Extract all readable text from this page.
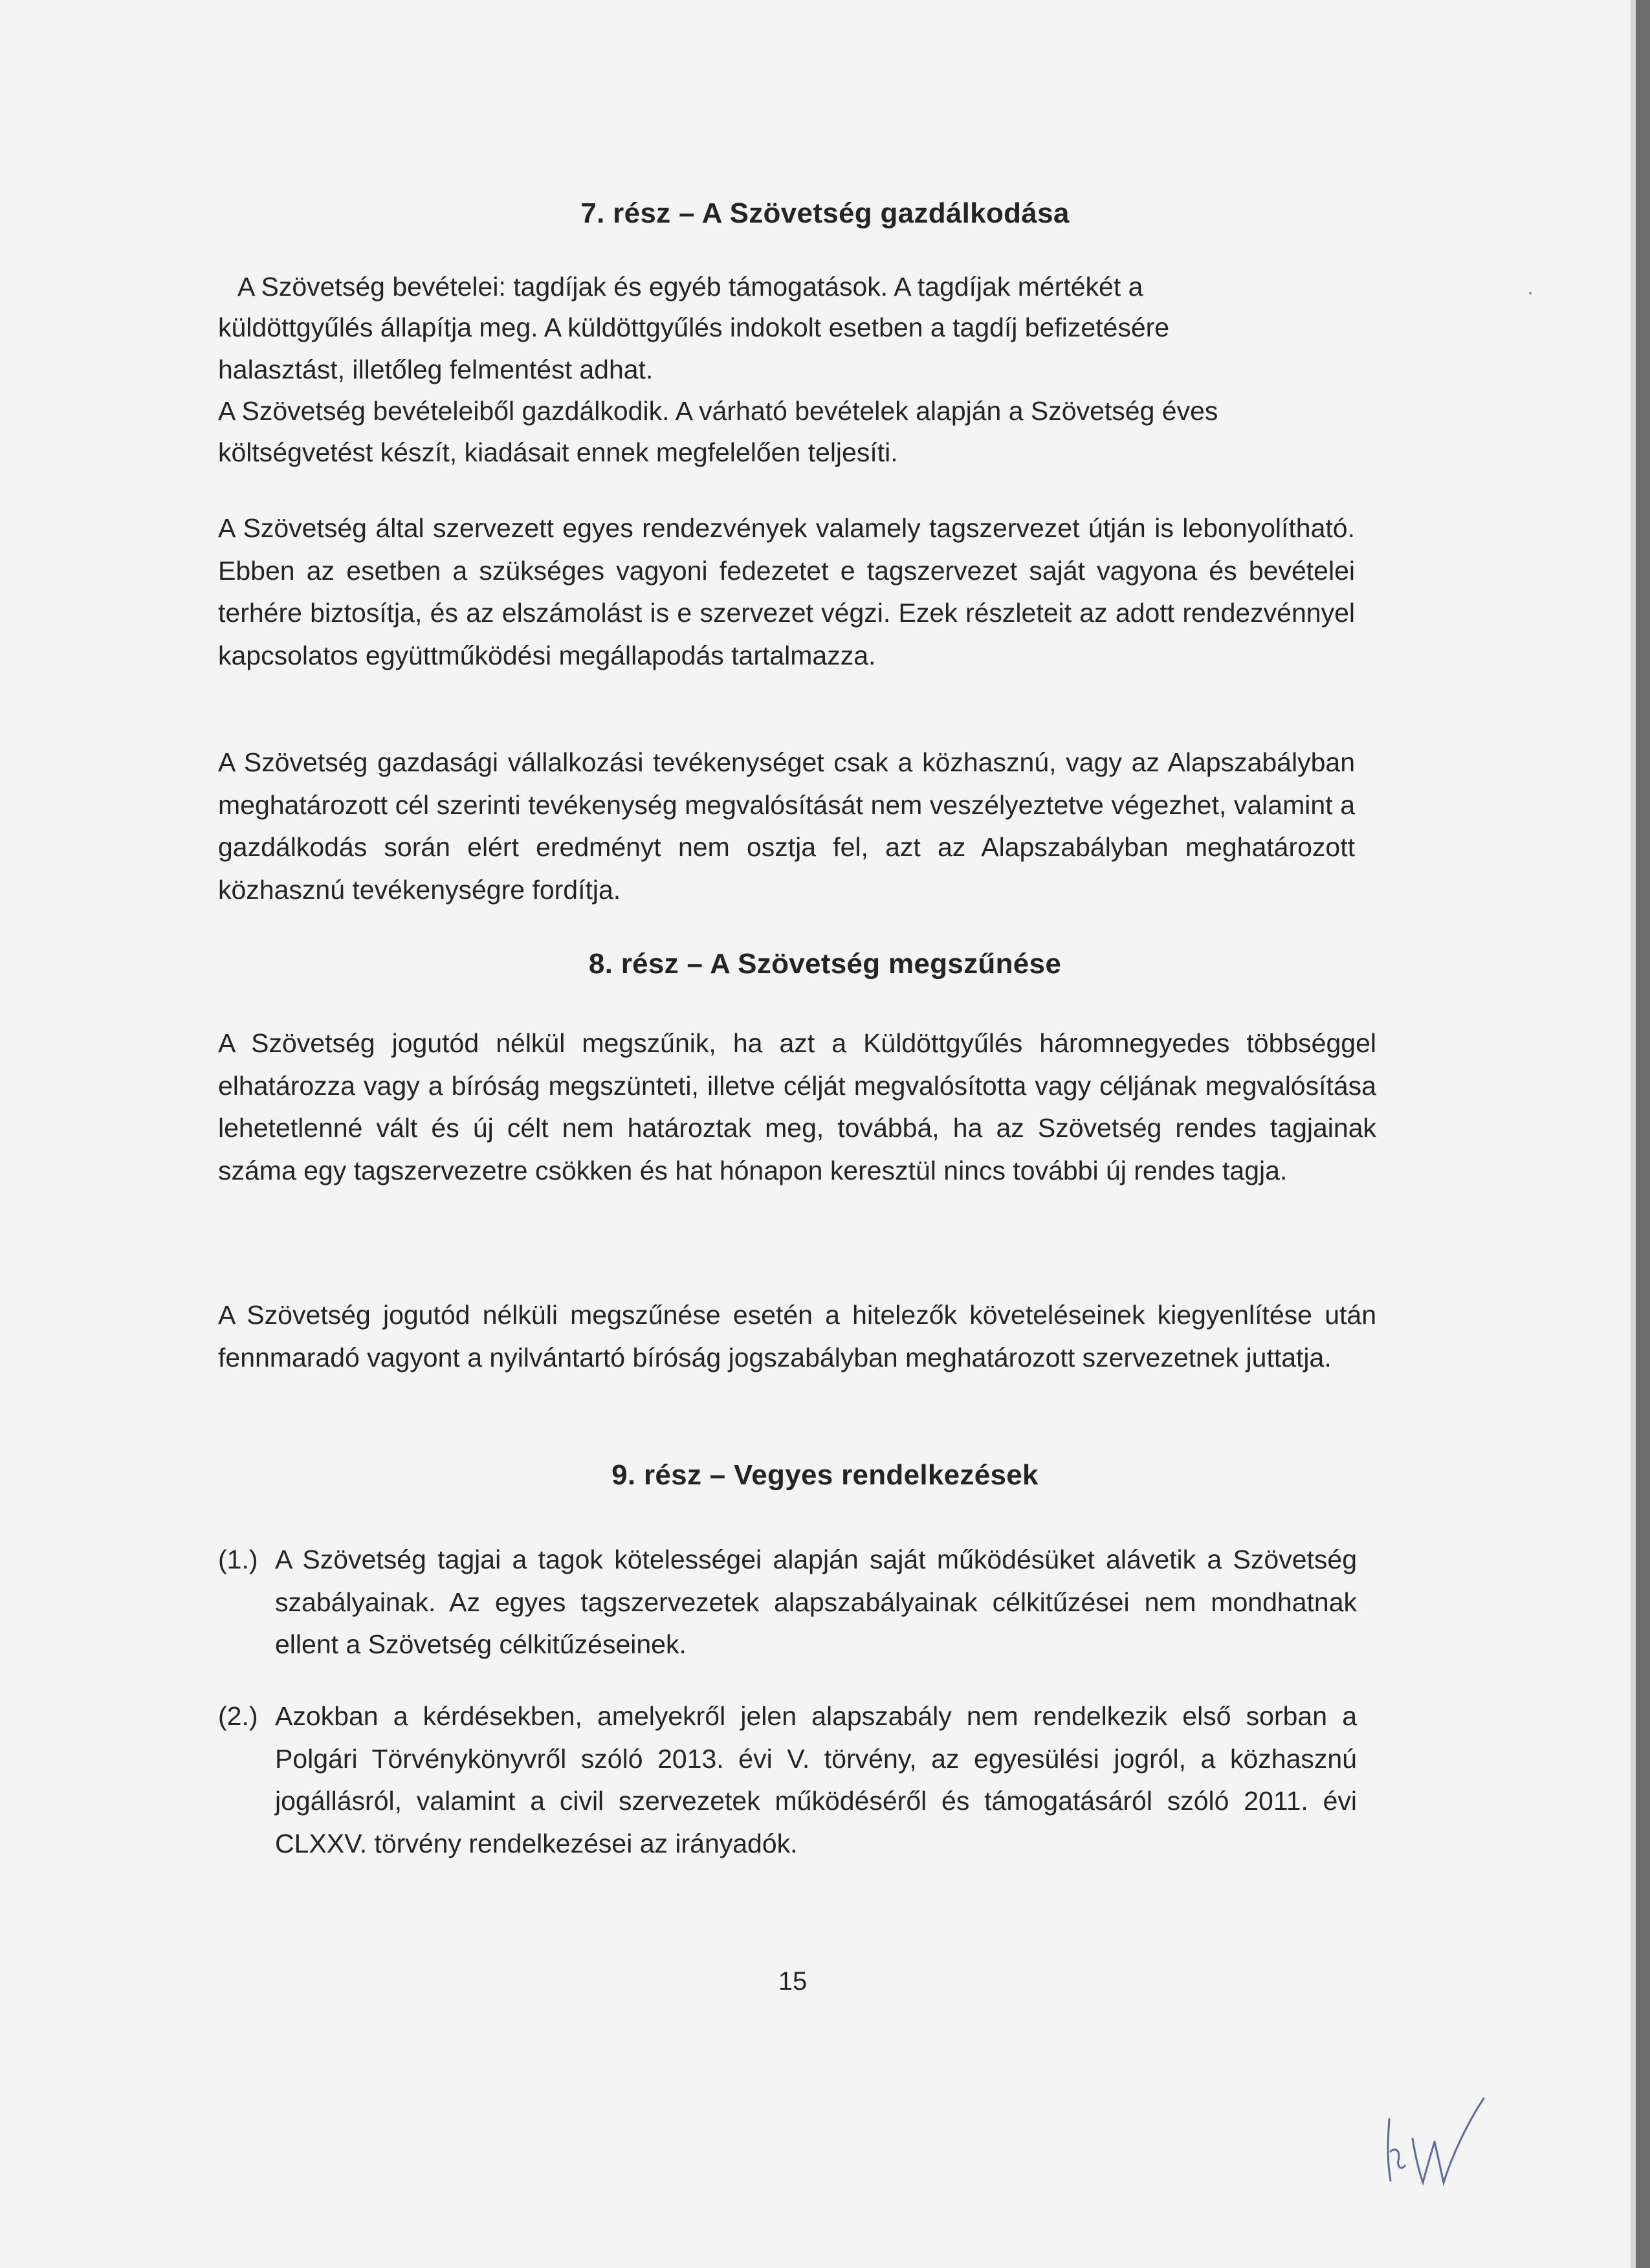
7. rész – A Szövetség gazdálkodása

A Szövetség bevételei: tagdíjak és egyéb támogatások. A tagdíjak mértékét a

küldöttgyűlés állapítja meg. A küldöttgyűlés indokolt esetben a tagdíj befizetésére

halasztást, illetőleg felmentést adhat.

A Szövetség bevételeiből gazdálkodik. A várható bevételek alapján a Szövetség éves

költségvetést készít, kiadásait ennek megfelelően teljesíti.

A Szövetség által szervezett egyes rendezvények valamely tagszervezet útján is lebonyolítható. Ebben az esetben a szükséges vagyoni fedezetet e tagszervezet saját vagyona és bevételei terhére biztosítja, és az elszámolást is e szervezet végzi. Ezek részleteit az adott rendezvénnyel kapcsolatos együttműködési megállapodás tartalmazza.

A Szövetség gazdasági vállalkozási tevékenységet csak a közhasznú, vagy az Alapszabályban meghatározott cél szerinti tevékenység megvalósítását nem veszélyeztetve végezhet, valamint a gazdálkodás során elért eredményt nem osztja fel, azt az Alapszabályban meghatározott közhasznú tevékenységre fordítja.

8. rész – A Szövetség megszűnése

A Szövetség jogutód nélkül megszűnik, ha azt a Küldöttgyűlés háromnegyedes többséggel elhatározza vagy a bíróság megszünteti, illetve célját megvalósította vagy céljának megvalósítása lehetetlenné vált és új célt nem határoztak meg, továbbá, ha az Szövetség rendes tagjainak száma egy tagszervezetre csökken és hat hónapon keresztül nincs további új rendes tagja.

A Szövetség jogutód nélküli megszűnése esetén a hitelezők követeléseinek kiegyenlítése után fennmaradó vagyont a nyilvántartó bíróság jogszabályban meghatározott szervezetnek juttatja.

9. rész – Vegyes rendelkezések
(1.) A Szövetség tagjai a tagok kötelességei alapján saját működésüket alávetik a Szövetség szabályainak. Az egyes tagszervezetek alapszabályainak célkitűzései nem mondhatnak ellent a Szövetség célkitűzéseinek.
(2.) Azokban a kérdésekben, amelyekről jelen alapszabály nem rendelkezik első sorban a Polgári Törvénykönyvről szóló 2013. évi V. törvény, az egyesülési jogról, a közhasznú jogállásról, valamint a civil szervezetek működéséről és támogatásáról szóló 2011. évi CLXXV. törvény rendelkezései az irányadók.
15
